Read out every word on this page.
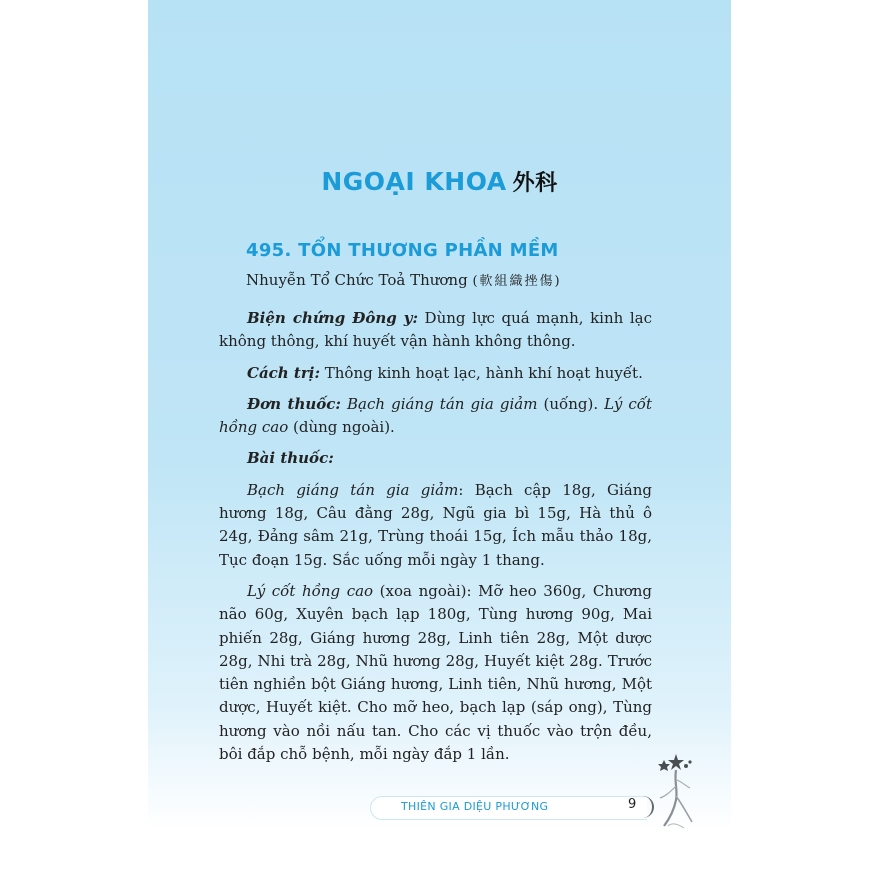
NGOẠI KHOA 外科
495. TỔN THƯƠNG PHẦN MỀM
Nhuyễn Tổ Chức Toả Thương (軟組織挫傷)

Biện chứng Đông y: Dùng lực quá mạnh, kinh lạc không thông, khí huyết vận hành không thông.

Cách trị: Thông kinh hoạt lạc, hành khí hoạt huyết.

Đơn thuốc: Bạch giáng tán gia giảm (uống). Lý cốt hồng cao (dùng ngoài).

Bài thuốc:

Bạch giáng tán gia giảm: Bạch cập 18g, Giáng hương 18g, Câu đằng 28g, Ngũ gia bì 15g, Hà thủ ô 24g, Đảng sâm 21g, Trùng thoái 15g, Ích mẫu thảo 18g, Tục đoạn 15g. Sắc uống mỗi ngày 1 thang.

Lý cốt hồng cao (xoa ngoài): Mỡ heo 360g, Chương não 60g, Xuyên bạch lạp 180g, Tùng hương 90g, Mai phiến 28g, Giáng hương 28g, Linh tiên 28g, Một dược 28g, Nhi trà 28g, Nhũ hương 28g, Huyết kiệt 28g. Trước tiên nghiền bột Giáng hương, Linh tiên, Nhũ hương, Một dược, Huyết kiệt. Cho mỡ heo, bạch lạp (sáp ong), Tùng hương vào nồi nấu tan. Cho các vị thuốc vào trộn đều, bôi đắp chỗ bệnh, mỗi ngày đắp 1 lần.

THIÊN GIA DIỆU PHƯƠNG	9
